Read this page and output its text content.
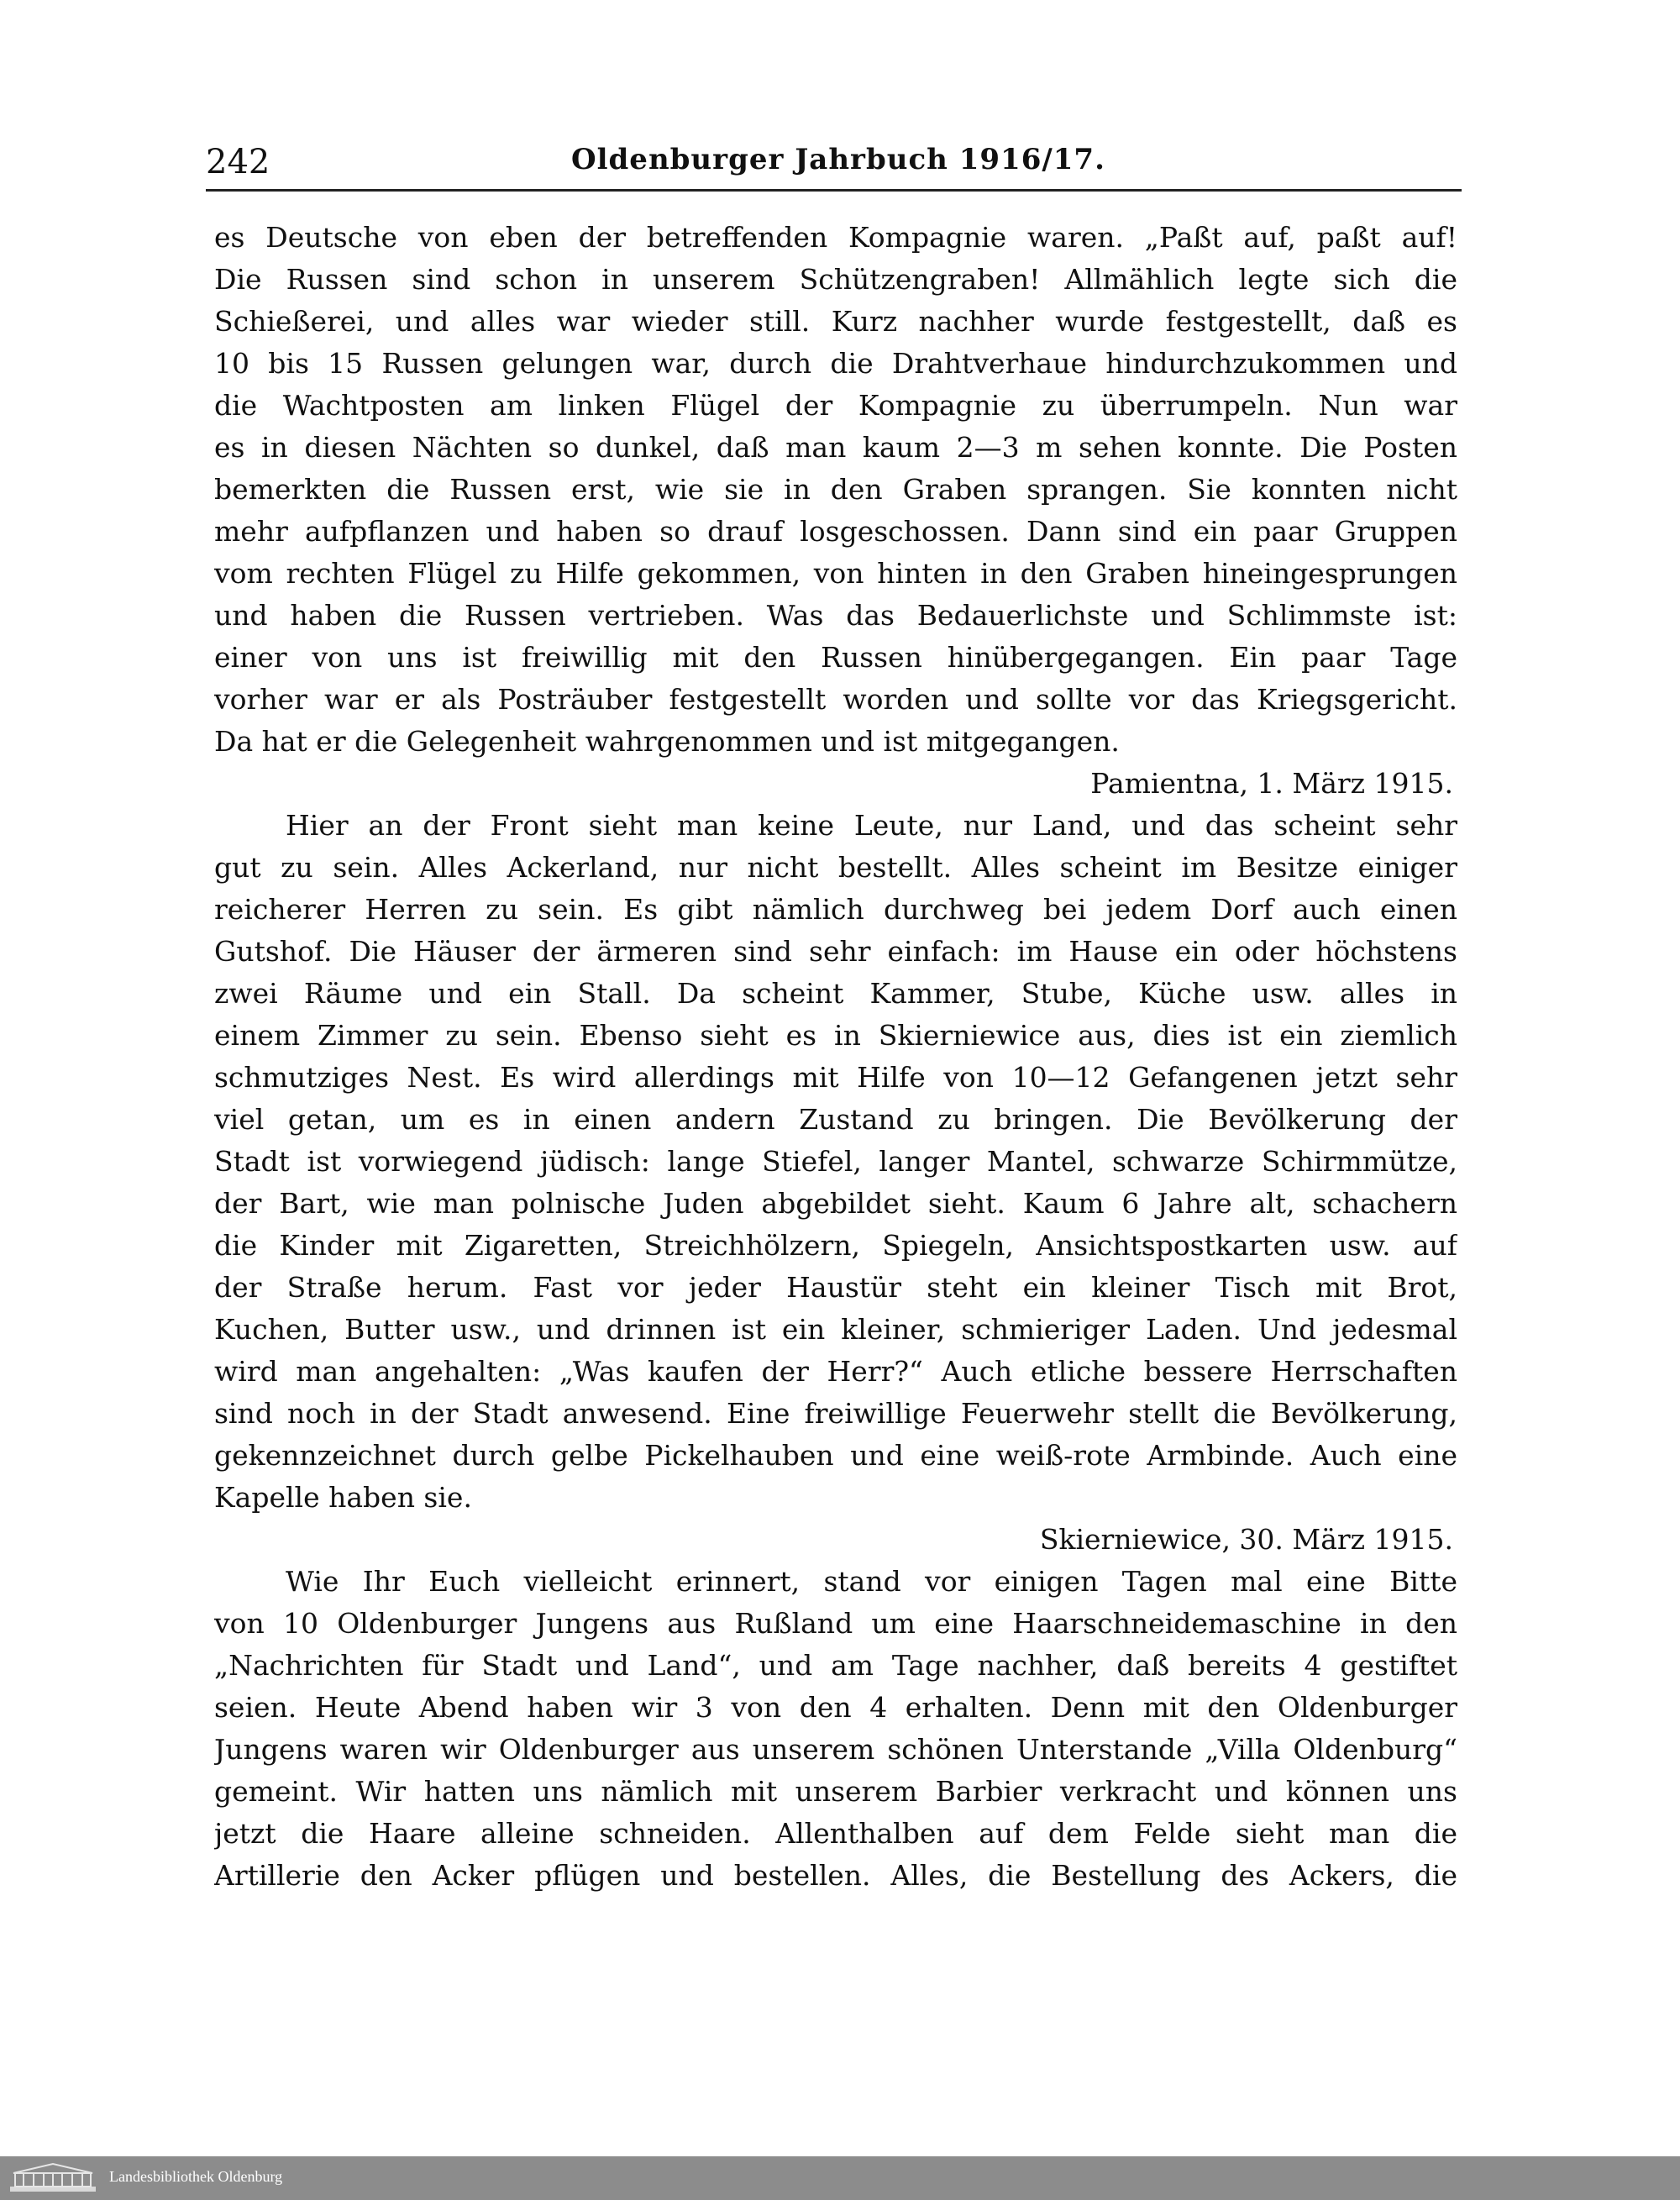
242	Oldenburger Jahrbuch 1916/17.
es Deutsche von eben der betreffenden Kompagnie waren. „Paßt auf, paßt auf!
Die Russen sind schon in unserem Schützengraben! Allmählich legte sich die
Schießerei, und alles war wieder still. Kurz nachher wurde festgestellt, daß es
10 bis 15 Russen gelungen war, durch die Drahtverhaue hindurchzukommen und
die Wachtposten am linken Flügel der Kompagnie zu überrumpeln. Nun war
es in diesen Nächten so dunkel, daß man kaum 2—3 m sehen konnte. Die Posten
bemerkten die Russen erst, wie sie in den Graben sprangen. Sie konnten nicht
mehr aufpflanzen und haben so drauf losgeschossen. Dann sind ein paar Gruppen
vom rechten Flügel zu Hilfe gekommen, von hinten in den Graben hineingesprungen
und haben die Russen vertrieben. Was das Bedauerlichste und Schlimmste ist:
einer von uns ist freiwillig mit den Russen hinübergegangen. Ein paar Tage
vorher war er als Posträuber festgestellt worden und sollte vor das Kriegsgericht.
Da hat er die Gelegenheit wahrgenommen und ist mitgegangen.
Pamientna, 1. März 1915.
Hier an der Front sieht man keine Leute, nur Land, und das scheint sehr
gut zu sein. Alles Ackerland, nur nicht bestellt. Alles scheint im Besitze einiger
reicherer Herren zu sein. Es gibt nämlich durchweg bei jedem Dorf auch einen
Gutshof. Die Häuser der ärmeren sind sehr einfach: im Hause ein oder höchstens
zwei Räume und ein Stall. Da scheint Kammer, Stube, Küche usw. alles in
einem Zimmer zu sein. Ebenso sieht es in Skierniewice aus, dies ist ein ziemlich
schmutziges Nest. Es wird allerdings mit Hilfe von 10—12 Gefangenen jetzt sehr
viel getan, um es in einen andern Zustand zu bringen. Die Bevölkerung der
Stadt ist vorwiegend jüdisch: lange Stiefel, langer Mantel, schwarze Schirmmütze,
der Bart, wie man polnische Juden abgebildet sieht. Kaum 6 Jahre alt, schachern
die Kinder mit Zigaretten, Streichhölzern, Spiegeln, Ansichtspostkarten usw. auf
der Straße herum. Fast vor jeder Haustür steht ein kleiner Tisch mit Brot,
Kuchen, Butter usw., und drinnen ist ein kleiner, schmieriger Laden. Und jedesmal
wird man angehalten: „Was kaufen der Herr?“ Auch etliche bessere Herrschaften
sind noch in der Stadt anwesend. Eine freiwillige Feuerwehr stellt die Bevölkerung,
gekennzeichnet durch gelbe Pickelhauben und eine weiß-rote Armbinde. Auch eine
Kapelle haben sie.
Skierniewice, 30. März 1915.
Wie Ihr Euch vielleicht erinnert, stand vor einigen Tagen mal eine Bitte
von 10 Oldenburger Jungens aus Rußland um eine Haarschneidemaschine in den
„Nachrichten für Stadt und Land“, und am Tage nachher, daß bereits 4 gestiftet
seien. Heute Abend haben wir 3 von den 4 erhalten. Denn mit den Oldenburger
Jungens waren wir Oldenburger aus unserem schönen Unterstande „Villa Oldenburg“
gemeint. Wir hatten uns nämlich mit unserem Barbier verkracht und können uns
jetzt die Haare alleine schneiden. Allenthalben auf dem Felde sieht man die
Artillerie den Acker pflügen und bestellen. Alles, die Bestellung des Ackers, die
Landesbibliothek Oldenburg
